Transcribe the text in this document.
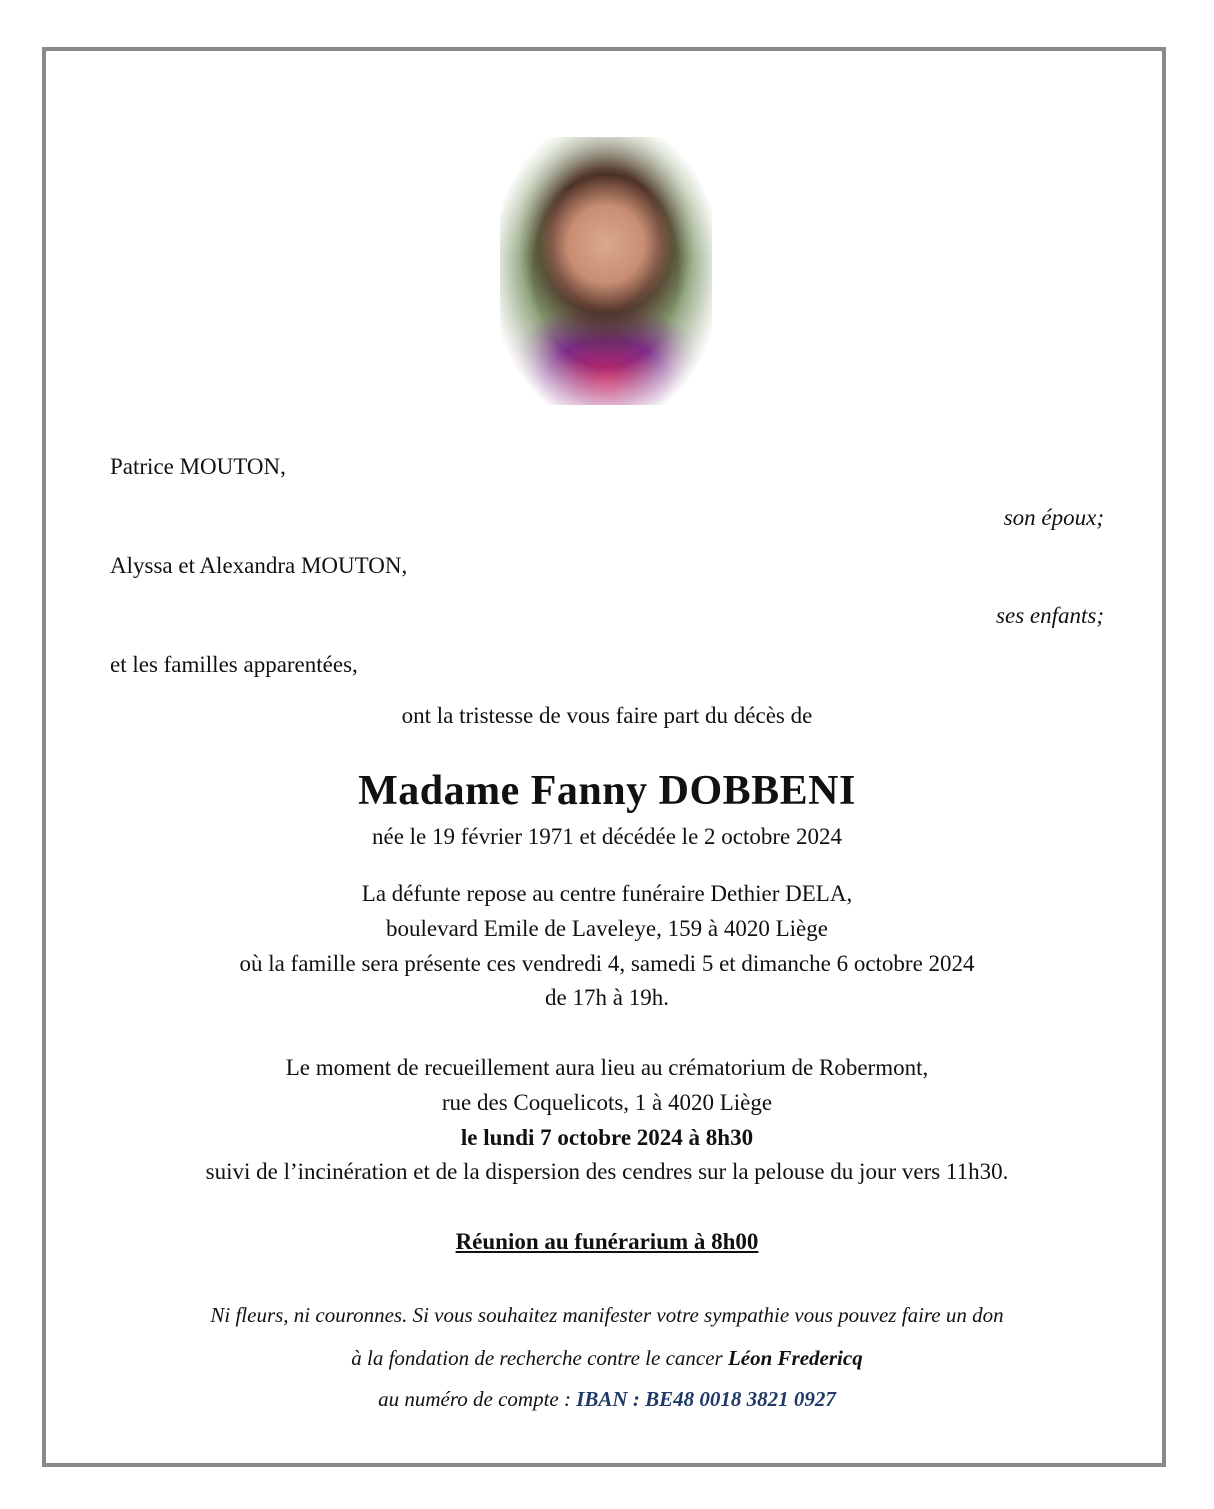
Patrice MOUTON,
son époux;
Alyssa et Alexandra MOUTON,
ses enfants;
et les familles apparentées,
ont la tristesse de vous faire part du décès de
Madame Fanny DOBBENI
née le 19 février 1971 et décédée le 2 octobre 2024
La défunte repose au centre funéraire Dethier DELA,
boulevard Emile de Laveleye, 159 à 4020 Liège
où la famille sera présente ces vendredi 4, samedi 5 et dimanche 6 octobre 2024
de 17h à 19h.
Le moment de recueillement aura lieu au crématorium de Robermont,
rue des Coquelicots, 1 à 4020 Liège
le lundi 7 octobre 2024 à 8h30
suivi de l’incinération et de la dispersion des cendres sur la pelouse du jour vers 11h30.
Réunion au funérarium à 8h00
Ni fleurs, ni couronnes. Si vous souhaitez manifester votre sympathie vous pouvez faire un don
à la fondation de recherche contre le cancer Léon Fredericq
au numéro de compte : IBAN : BE48 0018 3821 0927
